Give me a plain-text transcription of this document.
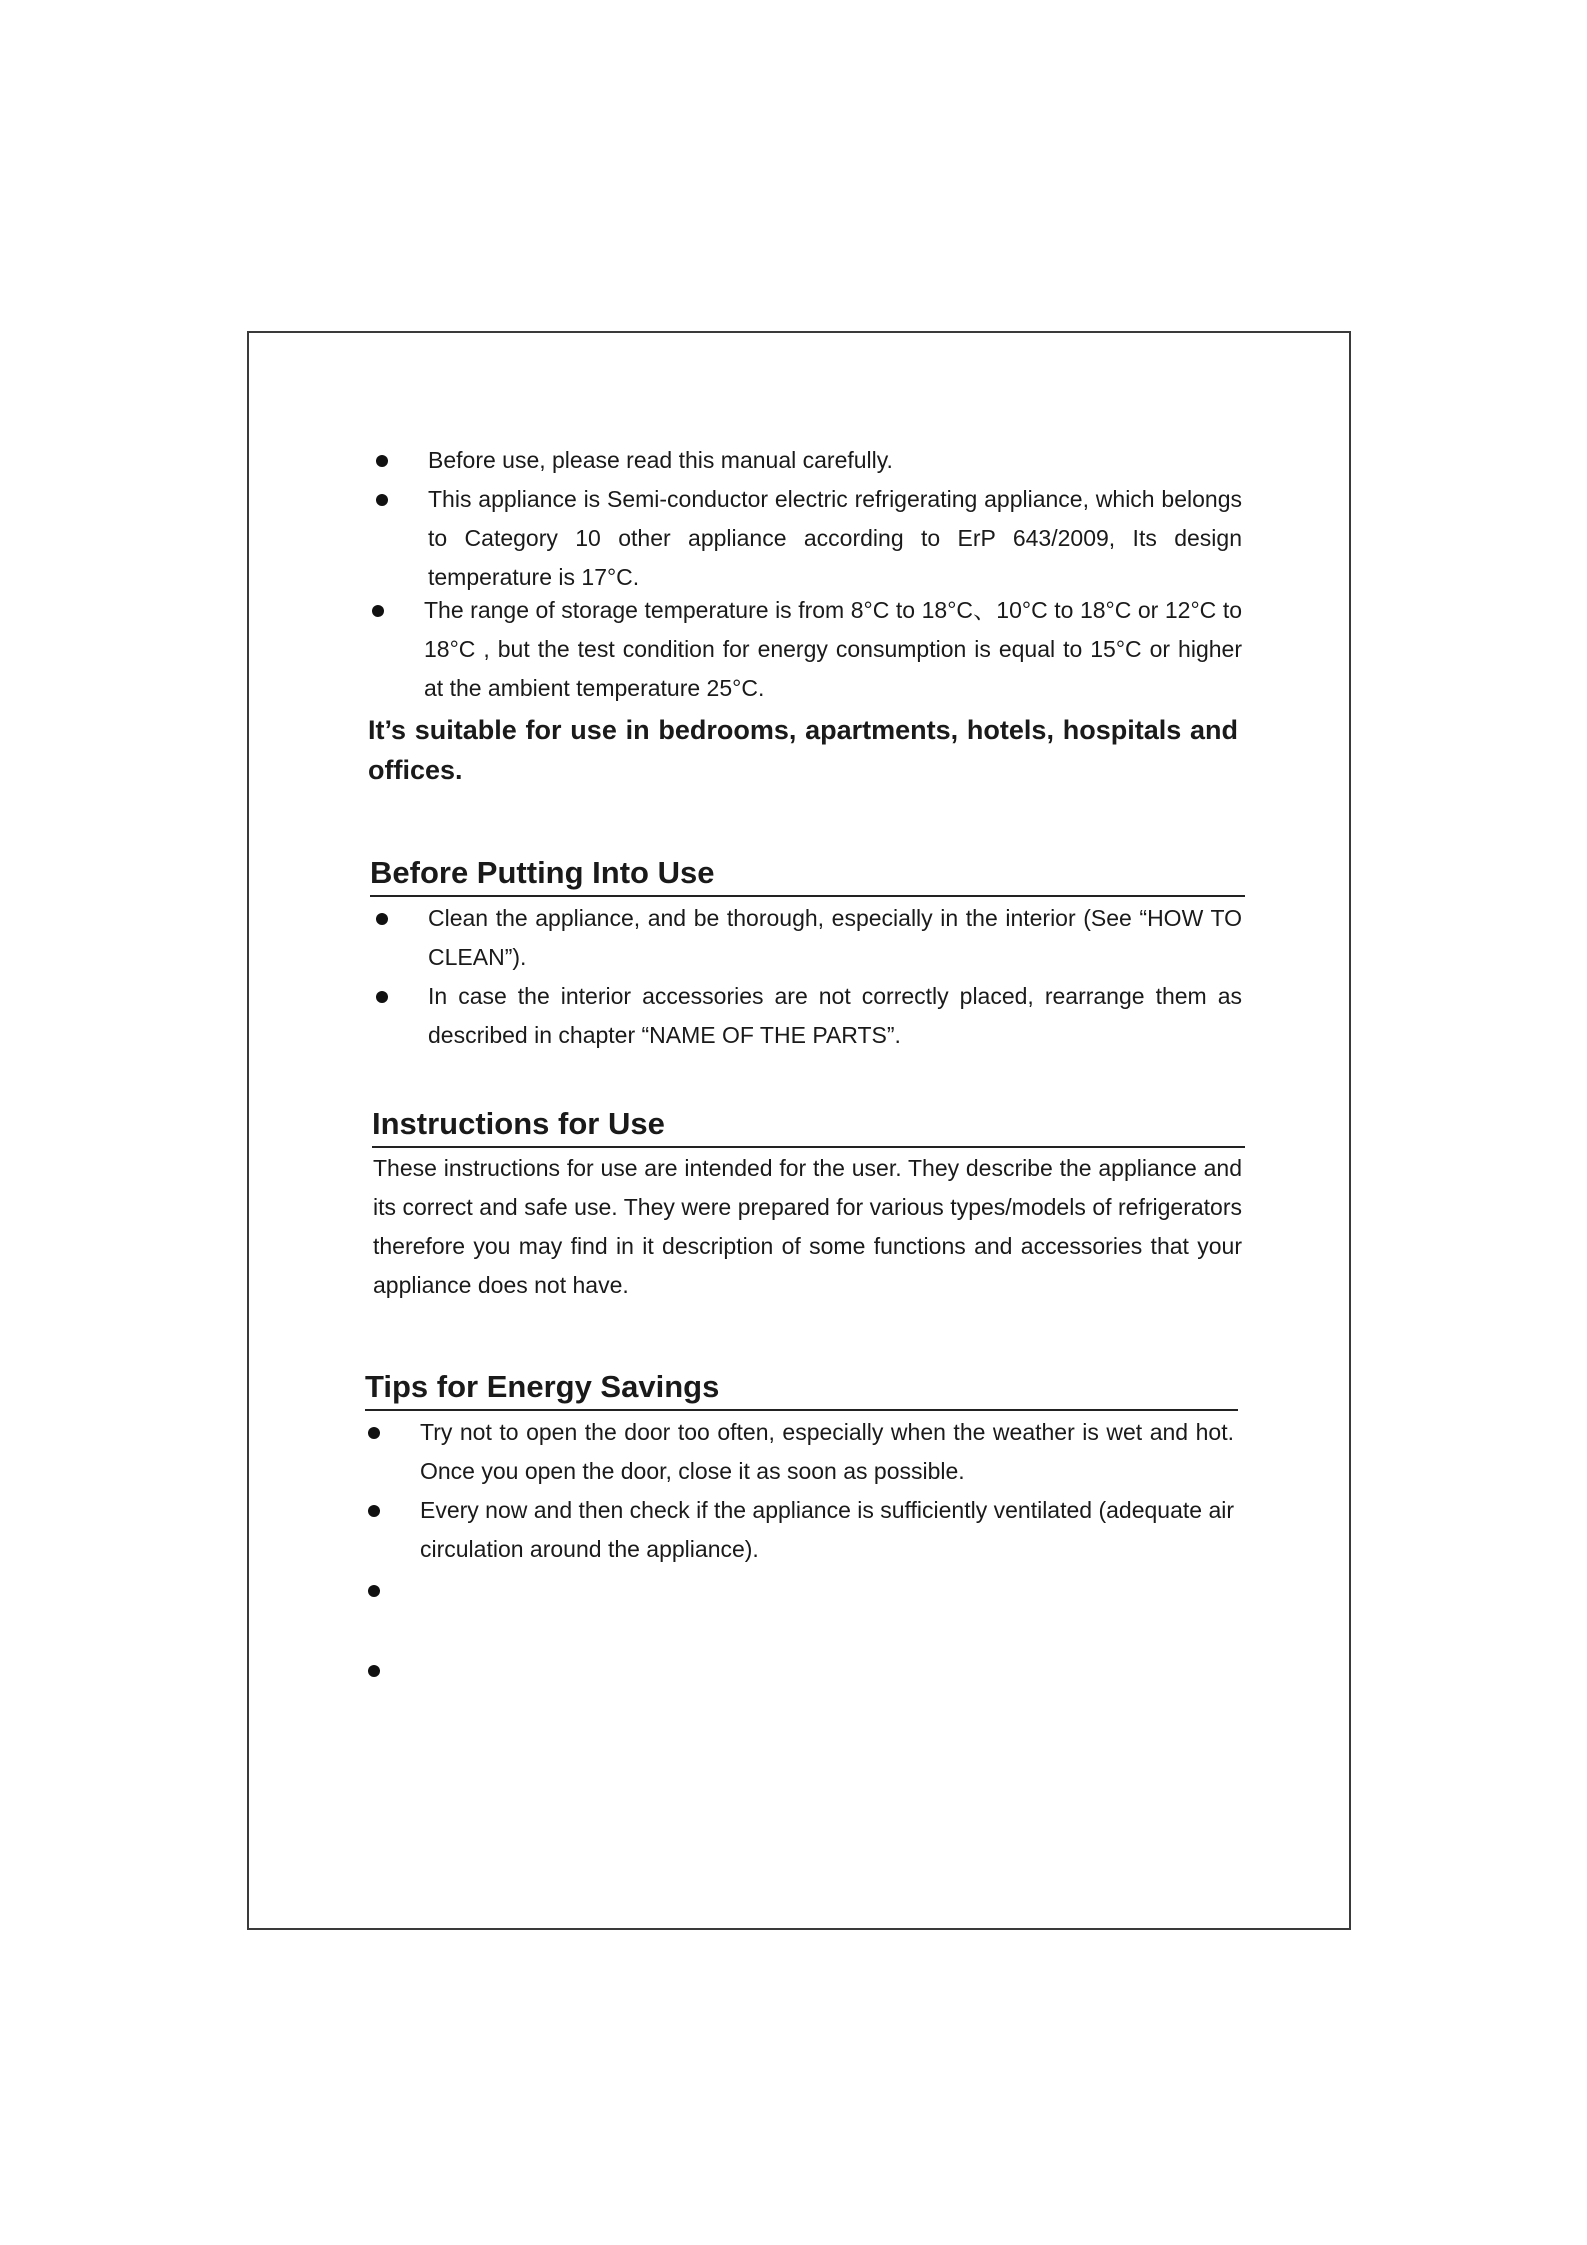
Before use, please read this manual carefully.
This appliance is Semi-conductor electric refrigerating appliance, which belongs to Category 10 other appliance according to ErP 643/2009, Its design temperature is 17°C.
The range of storage temperature is from 8°C to 18°C、10°C to 18°C or 12°C to 18°C , but the test condition for energy consumption is equal to 15°C or higher at the ambient temperature 25°C.

It’s suitable for use in bedrooms, apartments, hotels, hospitals and offices.

Before Putting Into Use
Clean the appliance, and be thorough, especially in the interior (See “HOW TO CLEAN”).
In case the interior accessories are not correctly placed, rearrange them as described in chapter “NAME OF THE PARTS”.
Instructions for Use

These instructions for use are intended for the user. They describe the appliance and its correct and safe use. They were prepared for various types/models of refrigerators therefore you may find in it description of some functions and accessories that your appliance does not have.

Tips for Energy Savings
Try not to open the door too often, especially when the weather is wet and hot. Once you open the door, close it as soon as possible.
Every now and then check if the appliance is sufficiently ventilated (adequate air circulation around the appliance).
